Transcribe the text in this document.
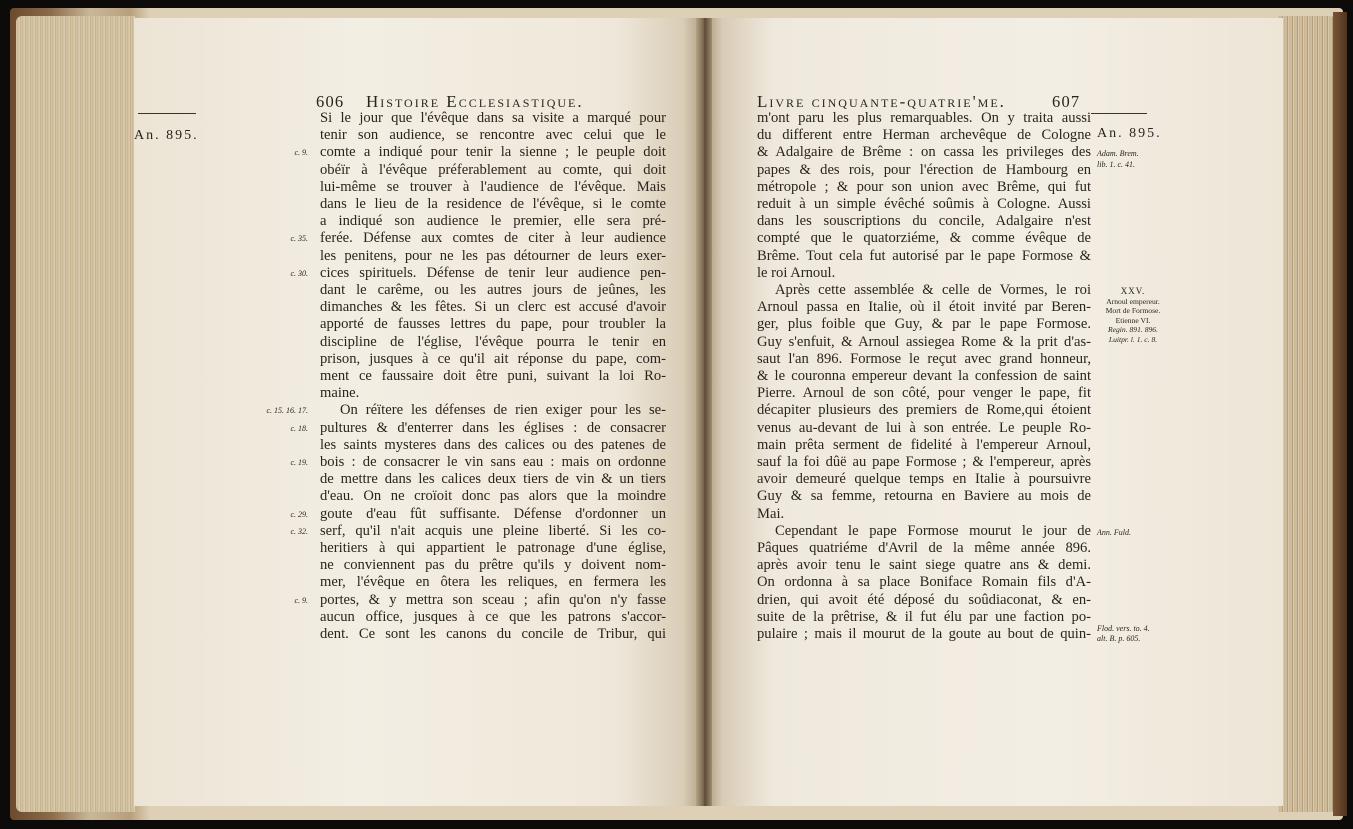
606 Histoire Ecclesiastique.
An. 895.
Si le jour que l'évêque dans sa visite a marqué pour
tenir son audience, se rencontre avec celui que le
comte a indiqué pour tenir la sienne ; le peuple doit
obéïr à l'évêque préferablement au comte, qui doit
lui-même se trouver à l'audience de l'évêque. Mais
dans le lieu de la residence de l'évêque, si le comte
a indiqué son audience le premier, elle sera pré-
ferée. Défense aux comtes de citer à leur audience
les penitens, pour ne les pas détourner de leurs exer-
cices spirituels. Défense de tenir leur audience pen-
dant le carême, ou les autres jours de jeûnes, les
dimanches & les fêtes. Si un clerc est accusé d'avoir
apporté de fausses lettres du pape, pour troubler la
discipline de l'église, l'évêque pourra le tenir en
prison, jusques à ce qu'il ait réponse du pape, com-
ment ce faussaire doit être puni, suivant la loi Ro-
maine.
On réïtere les défenses de rien exiger pour les se-
pultures & d'enterrer dans les églises : de consacrer
les saints mysteres dans des calices ou des patenes de
bois : de consacrer le vin sans eau : mais on ordonne
de mettre dans les calices deux tiers de vin & un tiers
d'eau. On ne croïoit donc pas alors que la moindre
goute d'eau fût suffisante. Défense d'ordonner un
serf, qu'il n'ait acquis une pleine liberté. Si les co-
heritiers à qui appartient le patronage d'une église,
ne conviennent pas du prêtre qu'ils y doivent nom-
mer, l'évêque en ôtera les reliques, en fermera les
portes, & y mettra son sceau ; afin qu'on n'y fasse
aucun office, jusques à ce que les patrons s'accor-
dent. Ce sont les canons du concile de Tribur, qui
c. 9.
c. 35.
c. 30.
c. 15. 16. 17.
c. 18.
c. 19.
c. 29.
c. 32.
c. 9.
Livre cinquante-quatrie'me.	607
An. 895.
m'ont paru les plus remarquables. On y traita aussi
du different entre Herman archevêque de Cologne
& Adalgaire de Brême : on cassa les privileges des
papes & des rois, pour l'érection de Hambourg en
métropole ; & pour son union avec Brême, qui fut
reduit à un simple évêché soûmis à Cologne. Aussi
dans les souscriptions du concile, Adalgaire n'est
compté que le quatorziéme, & comme évêque de
Brême. Tout cela fut autorisé par le pape Formose &
le roi Arnoul.
Après cette assemblée & celle de Vormes, le roi
Arnoul passa en Italie, où il étoit invité par Beren-
ger, plus foible que Guy, & par le pape Formose.
Guy s'enfuit, & Arnoul assiegea Rome & la prit d'as-
saut l'an 896. Formose le reçut avec grand honneur,
& le couronna empereur devant la confession de saint
Pierre. Arnoul de son côté, pour venger le pape, fit
décapiter plusieurs des premiers de Rome,qui étoient
venus au-devant de lui à son entrée. Le peuple Ro-
main prêta serment de fidelité à l'empereur Arnoul,
sauf la foi dûë au pape Formose ; & l'empereur, après
avoir demeuré quelque temps en Italie à poursuivre
Guy & sa femme, retourna en Baviere au mois de
Mai.
Cependant le pape Formose mourut le jour de
Pâques quatriéme d'Avril de la même année 896.
après avoir tenu le saint siege quatre ans & demi.
On ordonna à sa place Boniface Romain fils d'A-
drien, qui avoit été déposé du soûdiaconat, & en-
suite de la prêtrise, & il fut élu par une faction po-
pulaire ; mais il mourut de la goute au bout de quin-
Adam. Brem.
lib. 1. c. 41.
Ann. Fuld.
Flod. vers. to. 4.
alt. B. p. 605.
XXV.
Arnoul empereur.
Mort de Formose.
Etienne VI.
Regin. 891. 896.
Luitpr. l. 1. c. 8.
